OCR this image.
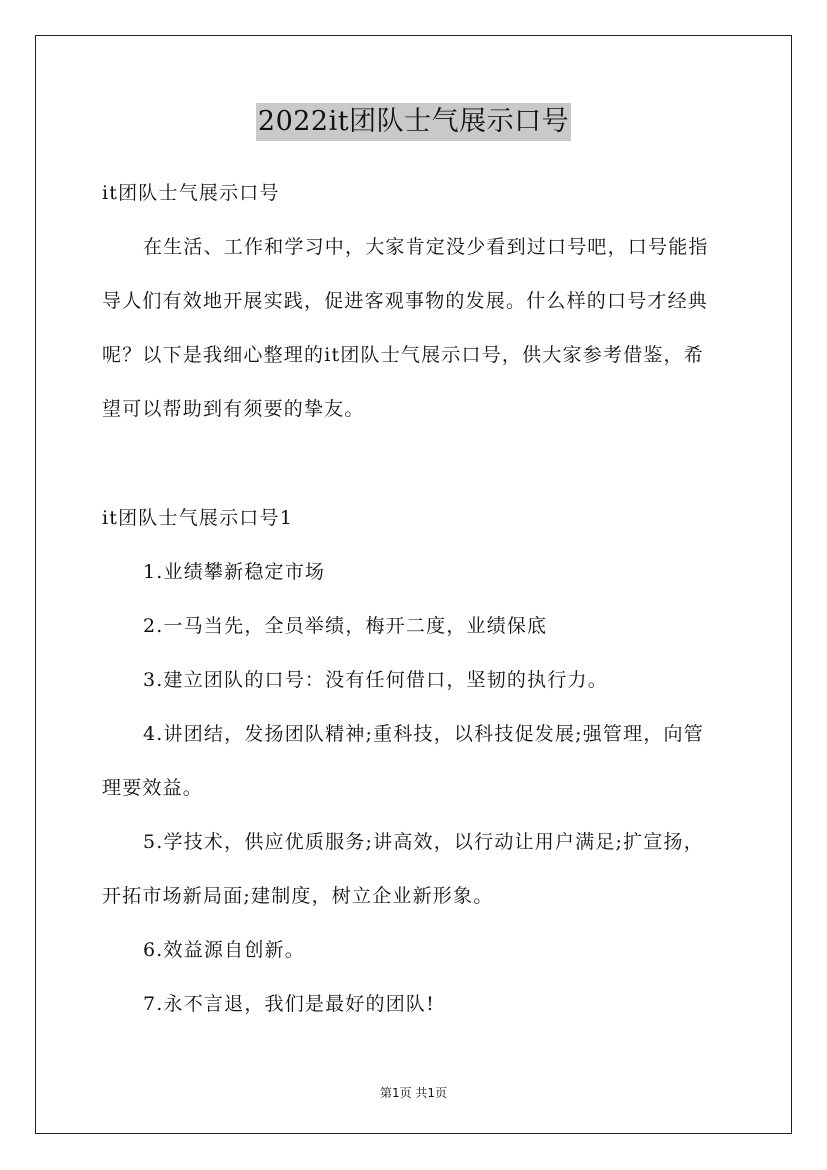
2022it团队士气展示口号
it团队士气展示口号
在生活、工作和学习中，大家肯定没少看到过口号吧，口号能指
导人们有效地开展实践，促进客观事物的发展。什么样的口号才经典
呢？以下是我细心整理的it团队士气展示口号，供大家参考借鉴，希
望可以帮助到有须要的挚友。
it团队士气展示口号1
1.业绩攀新稳定市场
2.一马当先，全员举绩，梅开二度，业绩保底
3.建立团队的口号：没有任何借口，坚韧的执行力。
4.讲团结，发扬团队精神;重科技，以科技促发展;强管理，向管
理要效益。
5.学技术，供应优质服务;讲高效，以行动让用户满足;扩宣扬，
开拓市场新局面;建制度，树立企业新形象。
6.效益源自创新。
7.永不言退，我们是最好的团队!
第1页 共1页
